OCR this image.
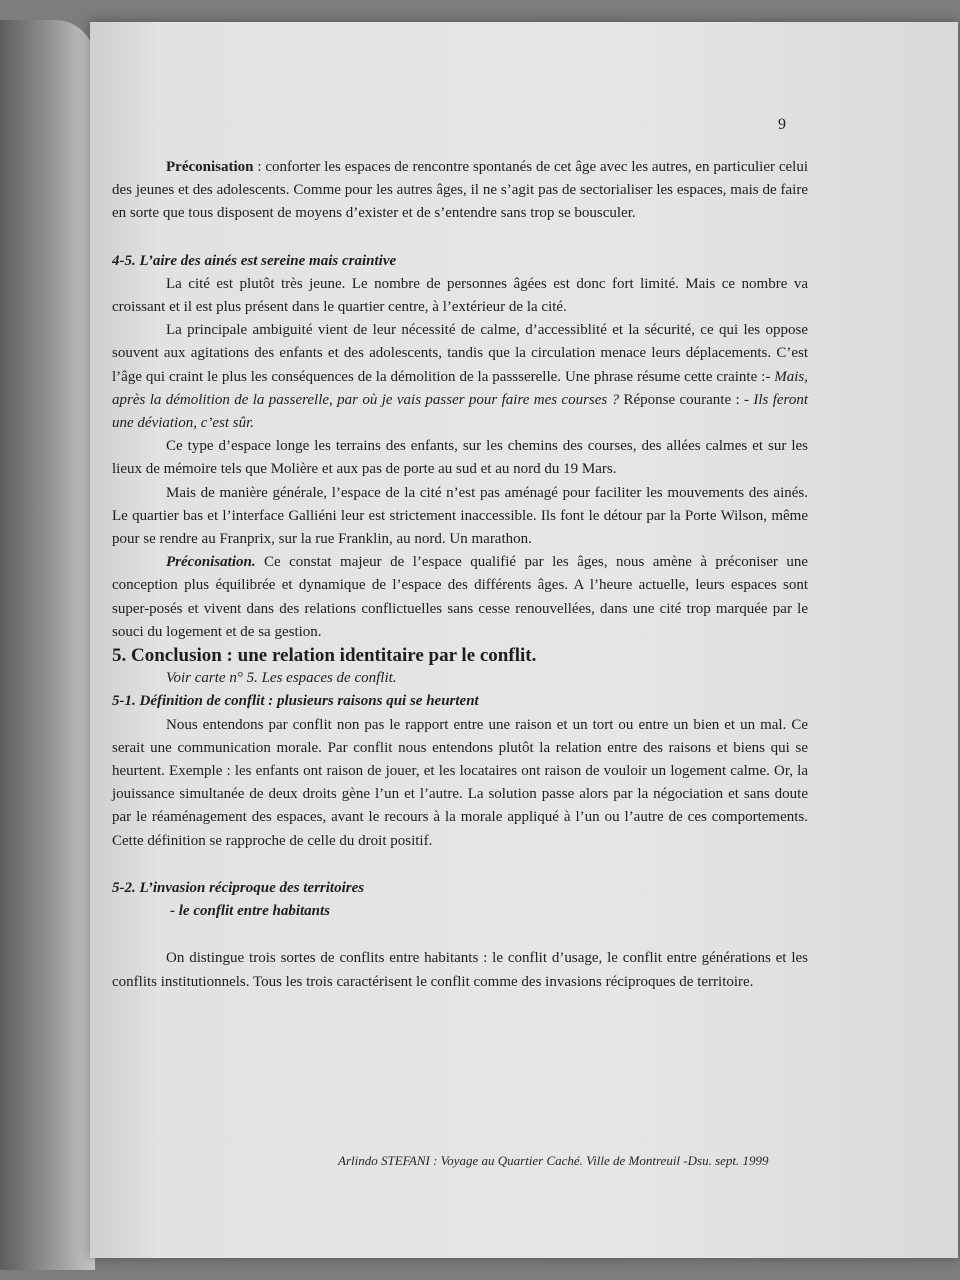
9

Préconisation : conforter les espaces de rencontre spontanés de cet âge avec les autres, en particulier celui des jeunes et des adolescents. Comme pour les autres âges, il ne s’agit pas de sectorialiser les espaces, mais de faire en sorte que tous disposent de moyens d’exister et de s’entendre sans trop se bousculer.

4-5. L’aire des ainés est sereine mais craintive

La cité est plutôt très jeune. Le nombre de personnes âgées est donc fort limité. Mais ce nombre va croissant et il est plus présent dans le quartier centre, à l’extérieur de la cité.

La principale ambiguité vient de leur nécessité de calme, d’accessiblité et la sécurité, ce qui les oppose souvent aux agitations des enfants et des adolescents, tandis que la circulation menace leurs déplacements. C’est l’âge qui craint le plus les conséquences de la démolition de la passserelle. Une phrase résume cette crainte :- Mais, après la démolition de la passerelle, par où je vais passer pour faire mes courses ? Réponse courante : - Ils feront une déviation, c’est sûr.

Ce type d’espace longe les terrains des enfants, sur les chemins des courses, des allées calmes et sur les lieux de mémoire tels que Molière et aux pas de porte au sud et au nord du 19 Mars.

Mais de manière générale, l’espace de la cité n’est pas aménagé pour faciliter les mouvements des ainés. Le quartier bas et l’interface Galliéni leur est strictement inaccessible. Ils font le détour par la Porte Wilson, même pour se rendre au Franprix, sur la rue Franklin, au nord. Un marathon.

Préconisation. Ce constat majeur de l’espace qualifié par les âges, nous amène à préconiser une conception plus équilibrée et dynamique de l’espace des différents âges. A l’heure actuelle, leurs espaces sont super-posés et vivent dans des relations conflictuelles sans cesse renouvellées, dans une cité trop marquée par le souci du logement et de sa gestion.

5. Conclusion : une relation identitaire par le conflit.

Voir carte n° 5. Les espaces de conflit.

5-1. Définition de conflit : plusieurs raisons qui se heurtent

Nous entendons par conflit non pas le rapport entre une raison et un tort ou entre un bien et un mal. Ce serait une communication morale. Par conflit nous entendons plutôt la relation entre des raisons et biens qui se heurtent. Exemple : les enfants ont raison de jouer, et les locataires ont raison de vouloir un logement calme. Or, la jouissance simultanée de deux droits gène l’un et l’autre. La solution passe alors par la négociation et sans doute par le réaménagement des espaces, avant le recours à la morale appliqué à l’un ou l’autre de ces comportements. Cette définition se rapproche de celle du droit positif.

5-2. L’invasion réciproque des territoires

- le conflit entre habitants

On distingue trois sortes de conflits entre habitants : le conflit d’usage, le conflit entre générations et les conflits institutionnels. Tous les trois caractérisent le conflit comme des invasions réciproques de territoire.

Arlindo STEFANI : Voyage au Quartier Caché. Ville de Montreuil -Dsu. sept. 1999
